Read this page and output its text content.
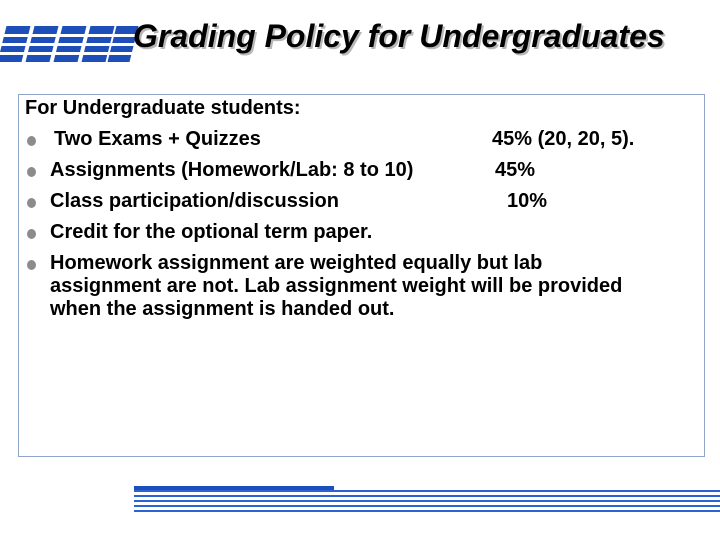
Grading Policy for Undergraduates
For Undergraduate students:
Two Exams + Quizzes	45% (20, 20, 5).
Assignments (Homework/Lab: 8 to 10)	45%
Class participation/discussion	10%
Credit for the optional term paper.
Homework assignment are weighted equally but lab assignment are not. Lab assignment weight will be provided when the assignment is handed out.
